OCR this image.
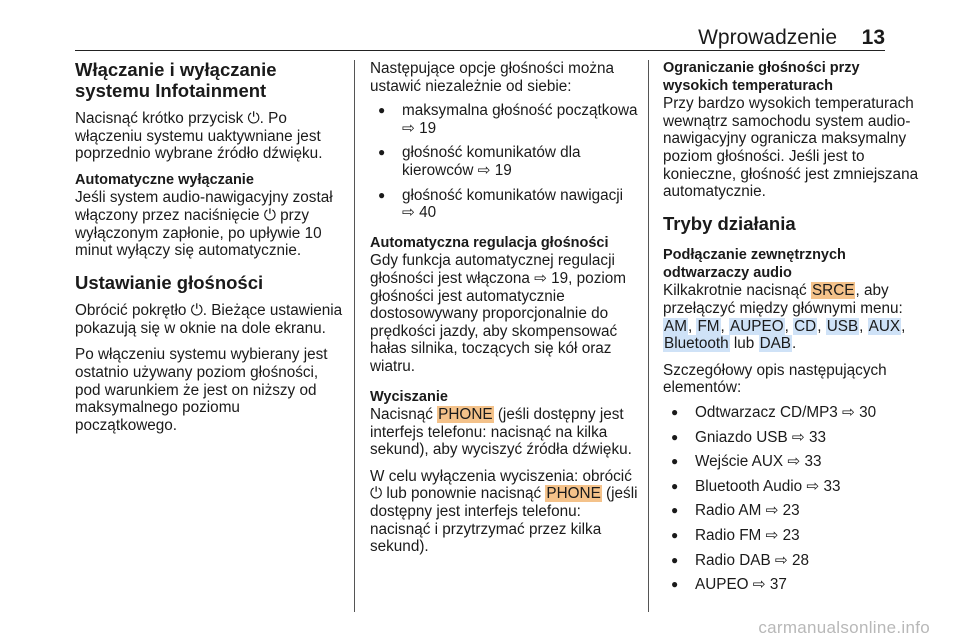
Wprowadzenie 13
Włączanie i wyłączanie systemu Infotainment

Nacisnąć krótko przycisk ⏻. Po włączeniu systemu uaktywniane jest poprzednio wybrane źródło dźwięku.

Automatyczne wyłączanie

Jeśli system audio-nawigacyjny został włączony przez naciśnięcie ⏻ przy wyłączonym zapłonie, po upływie 10 minut wyłączy się automatycznie.

Ustawianie głośności

Obrócić pokrętło ⏻. Bieżące ustawienia pokazują się w oknie na dole ekranu.

Po włączeniu systemu wybierany jest ostatnio używany poziom głośności, pod warunkiem że jest on niższy od maksymalnego poziomu początkowego.

Następujące opcje głośności można ustawić niezależnie od siebie:

● maksymalna głośność początkowa ⇨ 19
● głośność komunikatów dla kierowców ⇨ 19
● głośność komunikatów nawigacji ⇨ 40
Automatyczna regulacja głośności

Gdy funkcja automatycznej regulacji głośności jest włączona ⇨ 19, poziom głośności jest automatycznie dostosowywany proporcjonalnie do prędkości jazdy, aby skompensować hałas silnika, toczących się kół oraz wiatru.

Wyciszanie

Nacisnąć PHONE (jeśli dostępny jest interfejs telefonu: nacisnąć na kilka sekund), aby wyciszyć źródła dźwięku.

W celu wyłączenia wyciszenia: obrócić ⏻ lub ponownie nacisnąć PHONE (jeśli dostępny jest interfejs telefonu: nacisnąć i przytrzymać przez kilka sekund).

Ograniczanie głośności przy wysokich temperaturach

Przy bardzo wysokich temperaturach wewnątrz samochodu system audio-nawigacyjny ogranicza maksymalny poziom głośności. Jeśli jest to konieczne, głośność jest zmniejszana automatycznie.

Tryby działania
Podłączanie zewnętrznych odtwarzaczy audio

Kilkakrotnie nacisnąć SRCE, aby przełączyć między głównymi menu: AM, FM, AUPEO, CD, USB, AUX, Bluetooth lub DAB.

Szczegółowy opis następujących elementów:

● Odtwarzacz CD/MP3 ⇨ 30
● Gniazdo USB ⇨ 33
● Wejście AUX ⇨ 33
● Bluetooth Audio ⇨ 33
● Radio AM ⇨ 23
● Radio FM ⇨ 23
● Radio DAB ⇨ 28
● AUPEO ⇨ 37
carmanualsonline.info
